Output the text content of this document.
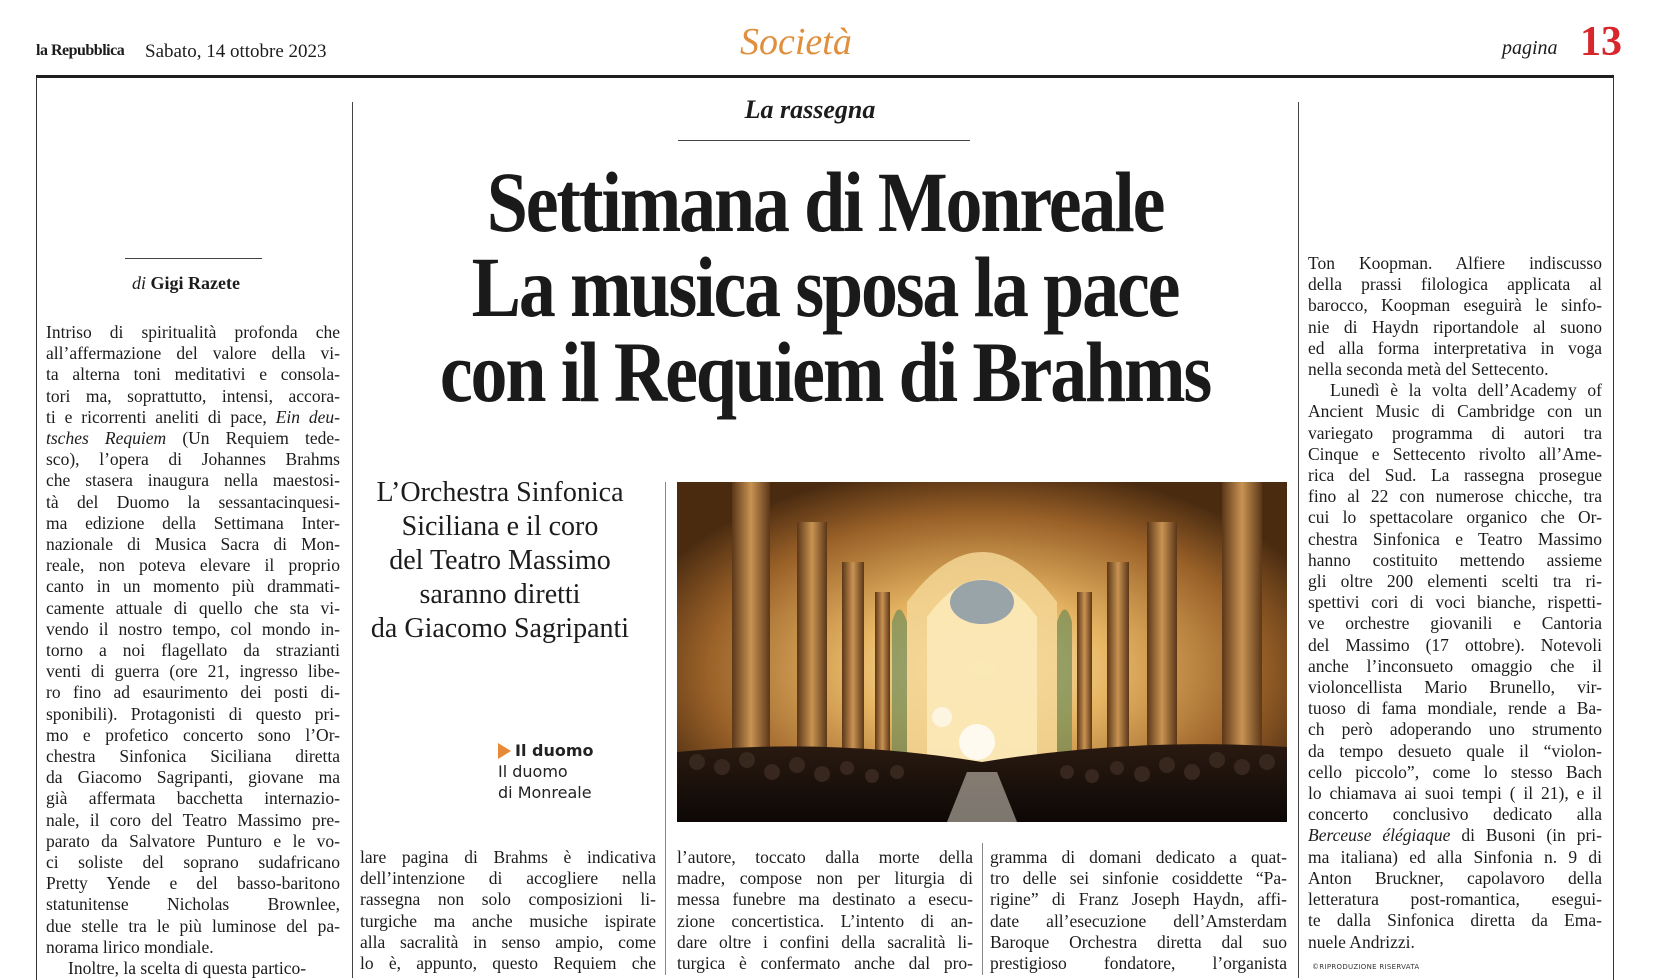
la Repubblica Sabato, 14 ottobre 2023	Società	pagina 13
La rassegna
Settimana di Monreale
La musica sposa la pace
con il Requiem di Brahms
di Gigi Razete
Intriso di spiritualità profonda che
all’affermazione del valore della vi-
ta alterna toni meditativi e consola-
tori ma, soprattutto, intensi, accora-
ti e ricorrenti aneliti di pace, Ein deu-
tsches Requiem (Un Requiem tede-
sco), l’opera di Johannes Brahms
che stasera inaugura nella maestosi-
tà del Duomo la sessantacinquesi-
ma edizione della Settimana Inter-
nazionale di Musica Sacra di Mon-
reale, non poteva elevare il proprio
canto in un momento più drammati-
camente attuale di quello che sta vi-
vendo il nostro tempo, col mondo in-
torno a noi flagellato da strazianti
venti di guerra (ore 21, ingresso libe-
ro fino ad esaurimento dei posti di-
sponibili). Protagonisti di questo pri-
mo e profetico concerto sono l’Or-
chestra Sinfonica Siciliana diretta
da Giacomo Sagripanti, giovane ma
già affermata bacchetta internazio-
nale, il coro del Teatro Massimo pre-
parato da Salvatore Punturo e le vo-
ci soliste del soprano sudafricano
Pretty Yende e del basso-baritono
statunitense Nicholas Brownlee,
due stelle tra le più luminose del pa-
norama lirico mondiale.
Inoltre, la scelta di questa partico-
L’Orchestra Sinfonica
Siciliana e il coro
del Teatro Massimo
saranno diretti
da Giacomo Sagripanti
Il duomo
Il duomo
di Monreale
lare pagina di Brahms è indicativa
dell’intenzione di accogliere nella
rassegna non solo composizioni li-
turgiche ma anche musiche ispirate
alla sacralità in senso ampio, come
lo è, appunto, questo Requiem che
l’autore, toccato dalla morte della
madre, compose non per liturgia di
messa funebre ma destinato a esecu-
zione concertistica. L’intento di an-
dare oltre i confini della sacralità li-
turgica è confermato anche dal pro-
gramma di domani dedicato a quat-
tro delle sei sinfonie cosiddette “Pa-
rigine” di Franz Joseph Haydn, affi-
date all’esecuzione dell’Amsterdam
Baroque Orchestra diretta dal suo
prestigioso fondatore, l’organista
Ton Koopman. Alfiere indiscusso
della prassi filologica applicata al
barocco, Koopman eseguirà le sinfo-
nie di Haydn riportandole al suono
ed alla forma interpretativa in voga
nella seconda metà del Settecento.
Lunedì è la volta dell’Academy of
Ancient Music di Cambridge con un
variegato programma di autori tra
Cinque e Settecento rivolto all’Ame-
rica del Sud. La rassegna prosegue
fino al 22 con numerose chicche, tra
cui lo spettacolare organico che Or-
chestra Sinfonica e Teatro Massimo
hanno costituito mettendo assieme
gli oltre 200 elementi scelti tra ri-
spettivi cori di voci bianche, rispetti-
ve orchestre giovanili e Cantoria
del Massimo (17 ottobre). Notevoli
anche l’inconsueto omaggio che il
violoncellista Mario Brunello, vir-
tuoso di fama mondiale, rende a Ba-
ch però adoperando uno strumento
da tempo desueto quale il “violon-
cello piccolo”, come lo stesso Bach
lo chiamava ai suoi tempi ( il 21), e il
concerto conclusivo dedicato alla
Berceuse élégiaque di Busoni (in pri-
ma italiana) ed alla Sinfonia n. 9 di
Anton Bruckner, capolavoro della
letteratura post-romantica, esegui-
te dalla Sinfonica diretta da Ema-
nuele Andrizzi.
©RIPRODUZIONE RISERVATA
